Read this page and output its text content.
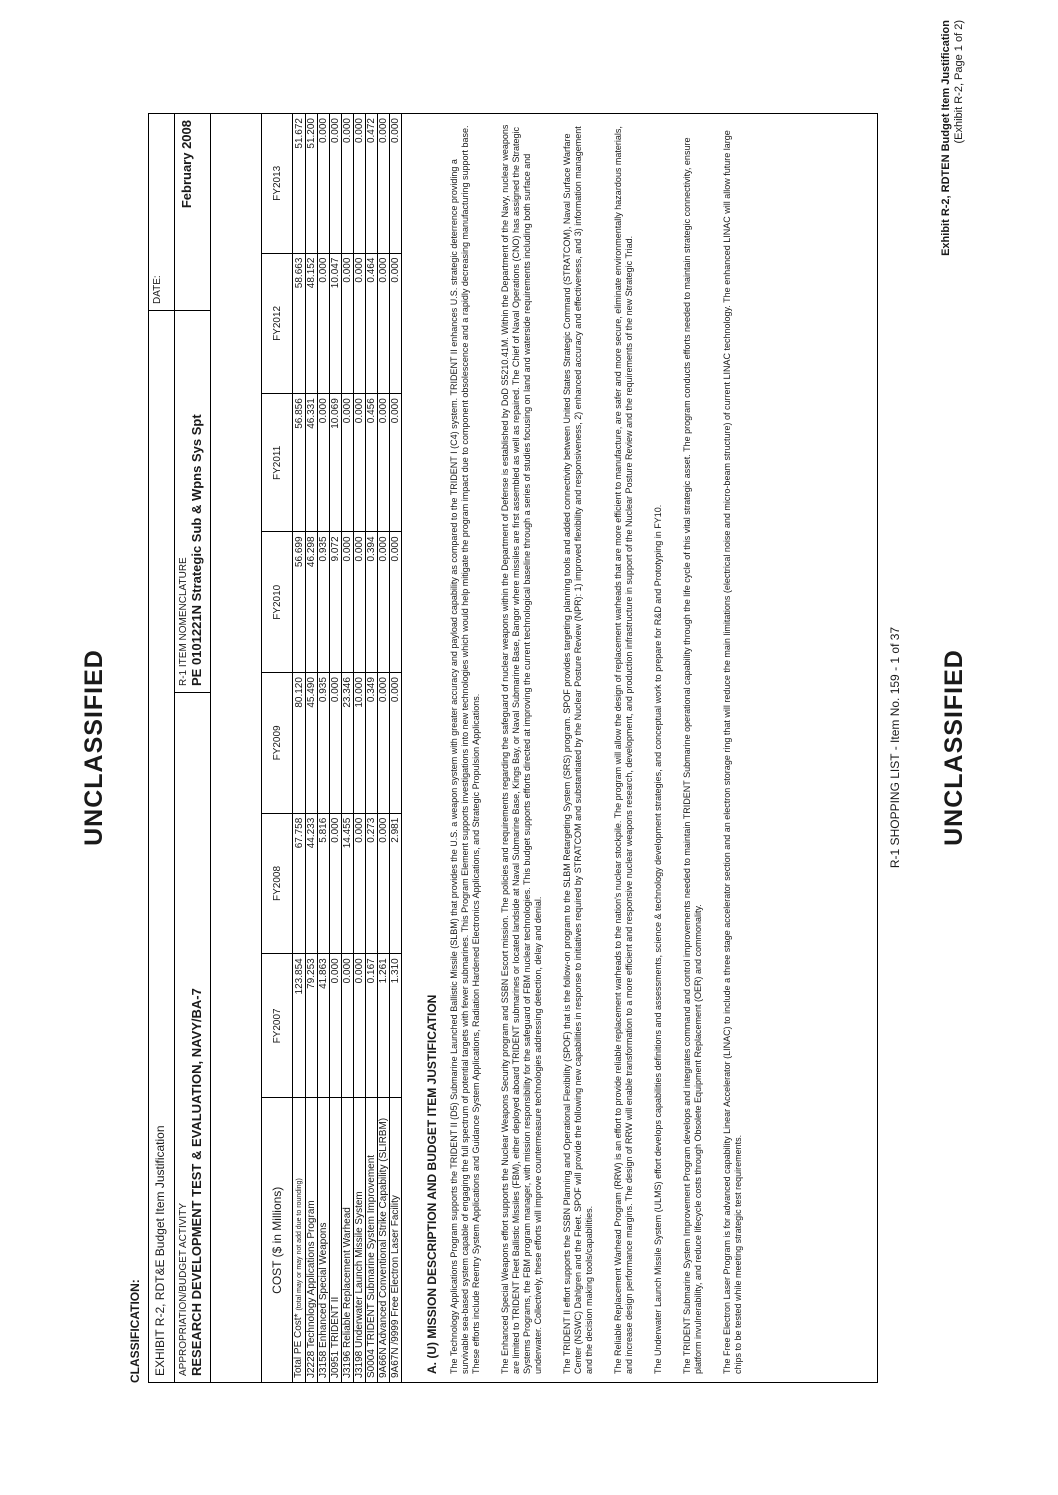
UNCLASSIFIED
CLASSIFICATION: EXHIBIT R-2, RDT&E Budget Item Justification
DATE:
APPROPRIATION/BUDGET ACTIVITY RESEARCH DEVELOPMENT TEST & EVALUATION, NAVY/BA-7
R-1 ITEM NOMENCLATURE PE 0101221N Strategic Sub & Wpns Sys Spt
February 2008
COST ($ in Millions)	FY2007	FY2008	FY2009	FY2010	FY2011	FY2012	FY2013
Total PE Cost*(total may or may not add due to rounding)	123.854	67.758	80.120	56.699	56.856	58.663	51.672
J2228 Technology Applications Program	79.253	44.233	45.490	46.298	46.331	48.152	51.200
J3158 Enhanced Special Weapons	41.863	5.816	0.935	0.935	0.000	0.000	0.000
J0951 TRIDENT II	0.000	0.000	0.000	9.072	10.069	10.047	0.000
J3196 Reliable Replacement Warhead	0.000	14.455	23.346	0.000	0.000	0.000	0.000
J3198 Underwater Launch Missile System	0.000	0.000	10.000	0.000	0.000	0.000	0.000
S0004 TRIDENT Submarine System Improvement	0.167	0.273	0.349	0.394	0.456	0.464	0.472
9A66N Advanced Conventional Strike Capability (SLIRBM)	1.261	0.000	0.000	0.000	0.000	0.000	0.000
9A67N /9999 Free Electron Laser Facility	1.310	2.981	0.000	0.000	0.000	0.000	0.000
A. (U) MISSION DESCRIPTION AND BUDGET ITEM JUSTIFICATION The Technology Applications Program supports the TRIDENT II (D5) Submarine Launched Ballistic Missile (SLBM) that provides the U.S. a weapon system with greater accuracy and payload capability as compared to the TRIDENT I (C4) system. TRIDENT II enhances U.S. strategic deterrence providing a survivable sea-based system capable of engaging the full spectrum of potential targets with fewer submarines. This Program Element supports investigations into new technologies which would help mitigate the program impact due to component obsolescence and a rapidly decreasing manufacturing support base. These efforts include Reentry System Applications and Guidance System Applications, Radiation Hardened Electronics Applications, and Strategic Propulsion Applications. The Enhanced Special Weapons effort supports the Nuclear Weapons Security program and SSBN Escort mission. The policies and requirements regarding the safeguard of nuclear weapons within the Department of Defense is established by DoD S5210.41M. Within the Department of the Navy, nuclear weapons are limited to TRIDENT Fleet Ballistic Missiles (FBM), either deployed aboard TRIDENT submarines or located landside at Naval Submarine Base, Kings Bay, or Naval Submarine Base, Bangor where missiles are first assembled as well as repaired. The Chief of Naval Operations (CNO) has assigned the Strategic Systems Programs, the FBM program manager, with mission responsibility for the safeguard of FBM nuclear technologies. This budget supports efforts directed at improving the current technological baseline through a series of studies focusing on land and waterside requirements including both surface and underwater. Collectively, these efforts will improve countermeasure technologies addressing detection, delay and denial. The TRIDENT II effort supports the SSBN Planning and Operational Flexibility (SPOF) that is the follow-on program to the SLBM Retargeting System (SRS) program. SPOF provides targeting planning tools and added connectivity between United States Strategic Command (STRATCOM), Naval Surface Warfare Center (NSWC) Dahlgren and the Fleet. SPOF will provide the following new capabilities in response to initiatives required by STRATCOM and substantiated by the Nuclear Posture Review (NPR): 1) improved flexibility and responsiveness, 2) enhanced accuracy and effectiveness, and 3) information management and the decision making tools/capabilities. The Reliable Replacement Warhead Program (RRW) is an effort to provide reliable replacement warheads to the nation's nuclear stockpile. The program will allow the design of replacement warheads that are more efficient to manufacture, are safer and more secure, eliminate environmentally hazardous materials, and increase design performance margins. The design of RRW will enable transformation to a more efficient and responsive nuclear weapons research, development, and production infrastructure in support of the Nuclear Posture Review and the requirements of the new Strategic Triad. The Underwater Launch Missile System (ULMS) effort develops capabilities definitions and assessments, science & technology development strategies, and conceptual work to prepare for R&D and Prototyping in FY10. The TRIDENT Submarine System Improvement Program develops and integrates command and control improvements needed to maintain TRIDENT Submarine operational capability through the life cycle of this vital strategic asset. The program conducts efforts needed to maintain strategic connectivity, ensure platform invulnerability, and reduce lifecycle costs through Obsolete Equipment Replacement (OER) and commonality. The Free Electron Laser Program is for advanced capability Linear Accelerator (LINAC) to include a three stage accelerator section and an electron storage ring that will reduce the main limitations (electrical noise and micro-beam structure) of current LINAC technology. The enhanced LINAC will allow future large chips to be tested while meeting strategic test requirements.

R-1 SHOPPING LIST - Item No. 159 - 1 of 37 UNCLASSIFIED
Exhibit R-2, RDTEN Budget Item Justification (Exhibit R-2, Page 1 of 2)
